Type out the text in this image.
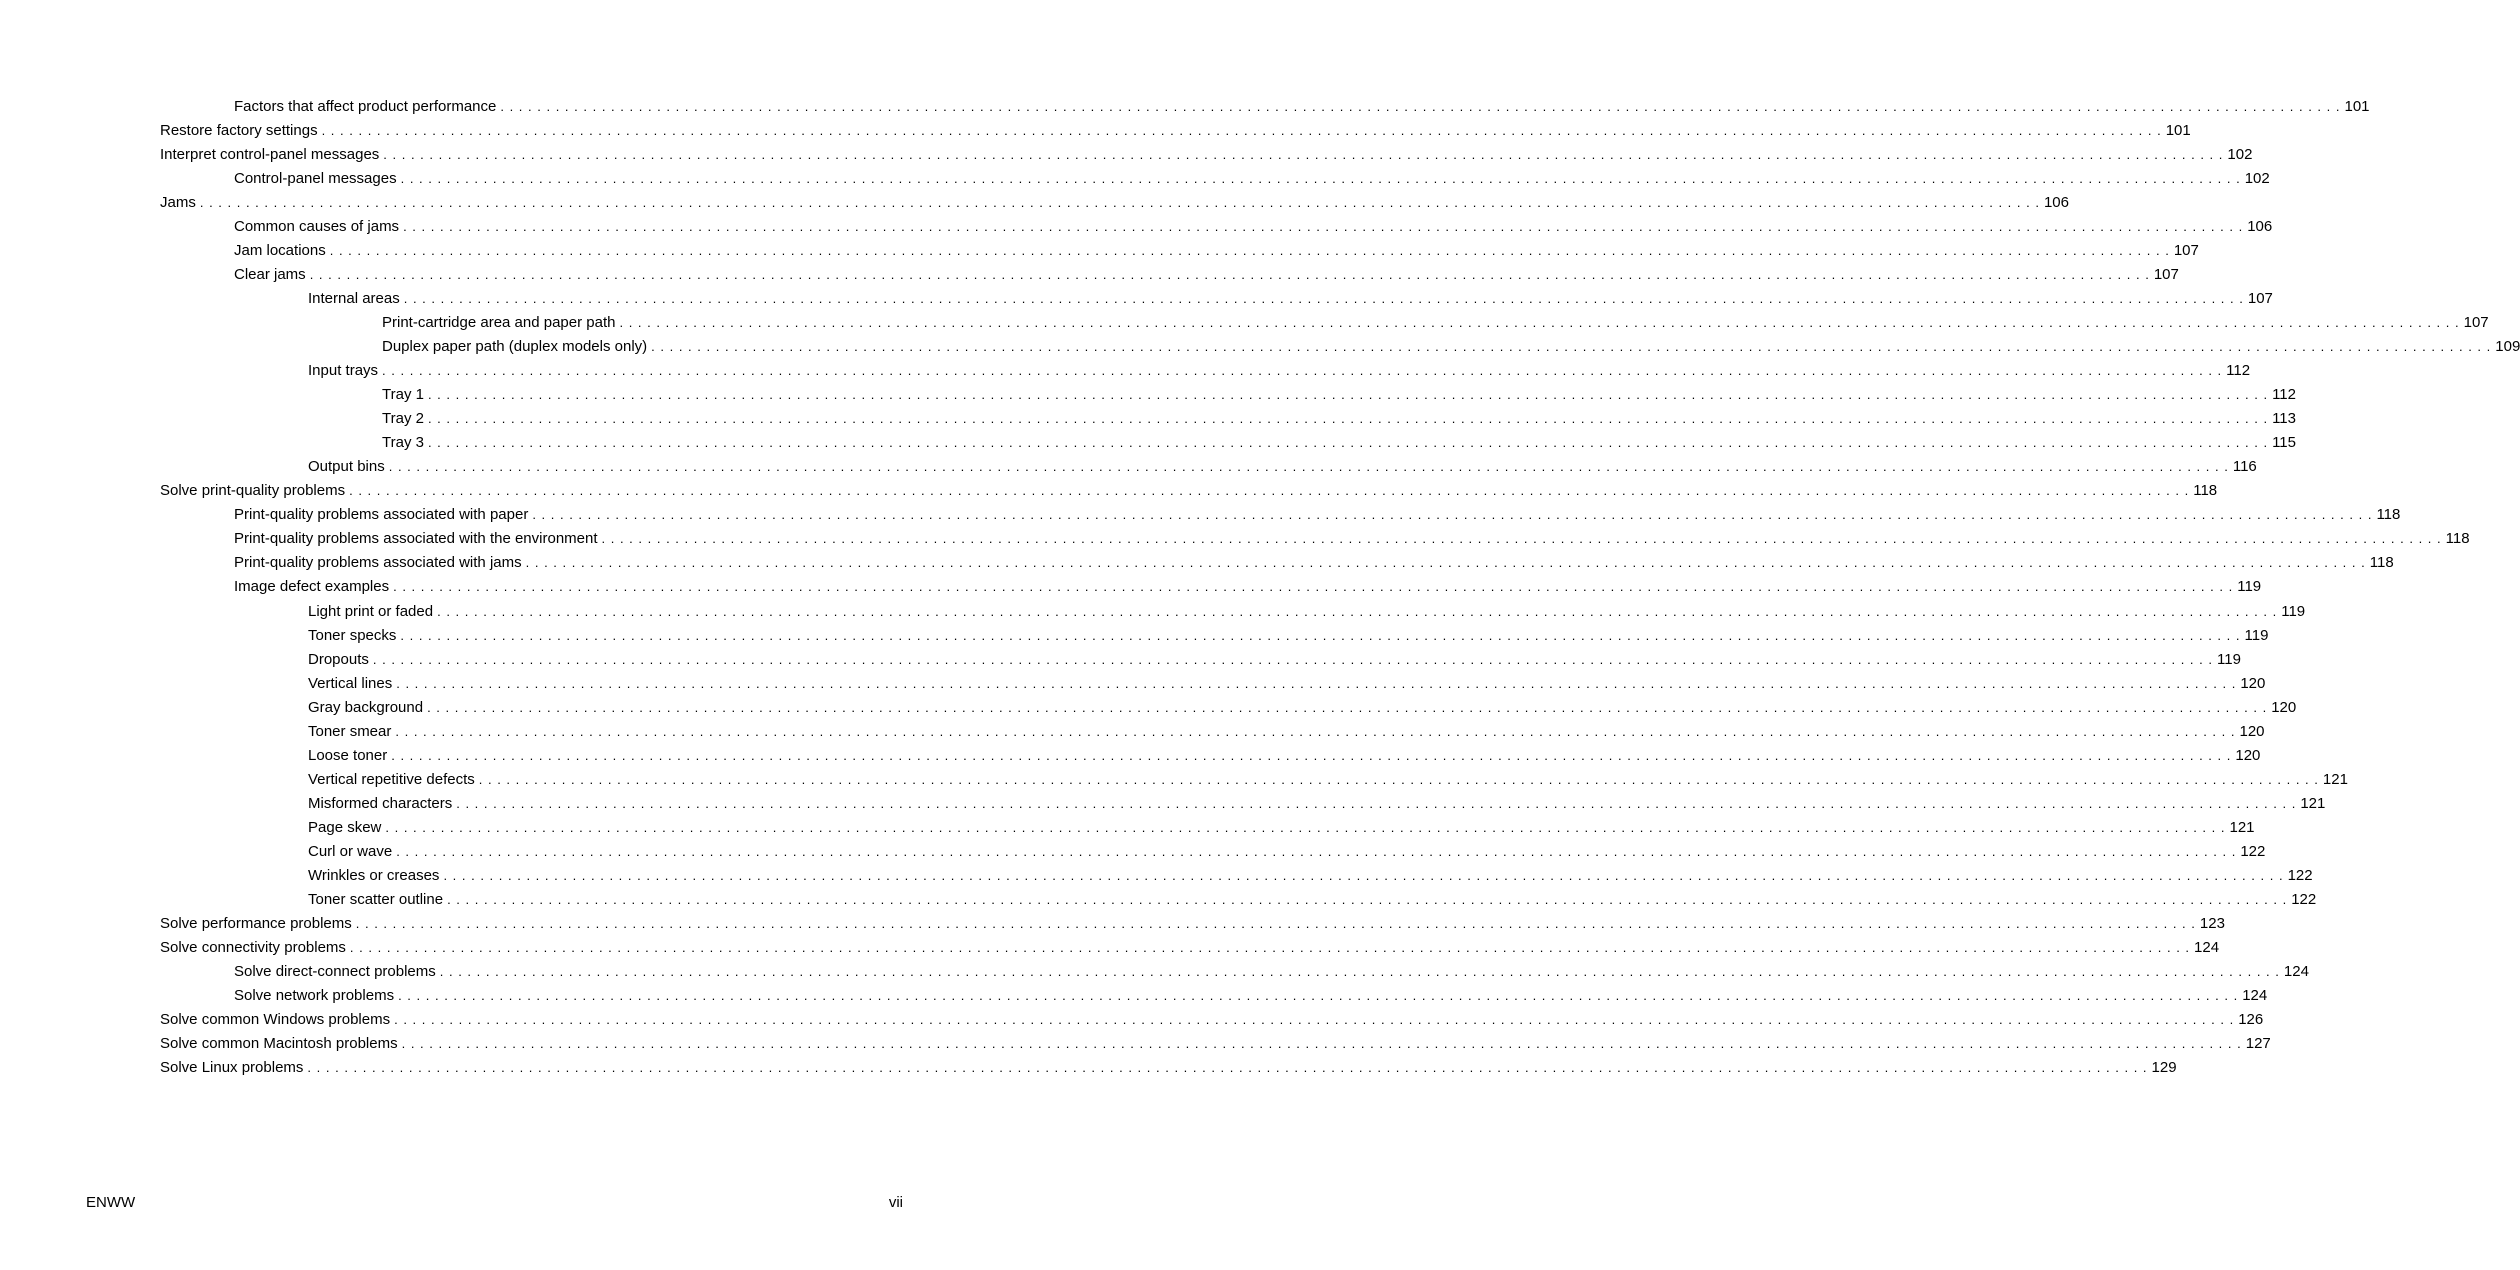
Factors that affect product performance . . . . . . . . . . . . . . . . . . . . . . . . . . . . . . . . . . . . . . . . . . . . . . . . . . . . . . . . . . . . . . . . . . . . . . . . . . . . . . . . . . . . . . . . . . . . . . . . . . . . . . . . . . . . . . . . . . . . . . . . . . . . . . . . . . . . . . . . . . . . . . . . . . . . . . . . . . . . . . . . . . . . . . . . . . . . . . . . . . . . . . . . . . . . . . . . . . . . . . . . 101
Restore factory settings . . . . . . . . . . . . . . . . . . . . . . . . . . . . . . . . . . . . . . . . . . . . . . . . . . . . . . . . . . . . . . . . . . . . . . . . . . . . . . . . . . . . . . . . . . . . . . . . . . . . . . . . . . . . . . . . . . . . . . . . . . . . . . . . . . . . . . . . . . . . . . . . . . . . . . . . . . . . . . . . . . . . . . . . . . . . . . . . . . . . . . . . . . . . . . . . . . . . . . . . 101
Interpret control-panel messages . . . . . . . . . . . . . . . . . . . . . . . . . . . . . . . . . . . . . . . . . . . . . . . . . . . . . . . . . . . . . . . . . . . . . . . . . . . . . . . . . . . . . . . . . . . . . . . . . . . . . . . . . . . . . . . . . . . . . . . . . . . . . . . . . . . . . . . . . . . . . . . . . . . . . . . . . . . . . . . . . . . . . . . . . . . . . . . . . . . . . . . . . . . . . . . . . . . . . . . . 102
Control-panel messages . . . . . . . . . . . . . . . . . . . . . . . . . . . . . . . . . . . . . . . . . . . . . . . . . . . . . . . . . . . . . . . . . . . . . . . . . . . . . . . . . . . . . . . . . . . . . . . . . . . . . . . . . . . . . . . . . . . . . . . . . . . . . . . . . . . . . . . . . . . . . . . . . . . . . . . . . . . . . . . . . . . . . . . . . . . . . . . . . . . . . . . . . . . . . . . . . . . . . . . . 102
Jams . . . . . . . . . . . . . . . . . . . . . . . . . . . . . . . . . . . . . . . . . . . . . . . . . . . . . . . . . . . . . . . . . . . . . . . . . . . . . . . . . . . . . . . . . . . . . . . . . . . . . . . . . . . . . . . . . . . . . . . . . . . . . . . . . . . . . . . . . . . . . . . . . . . . . . . . . . . . . . . . . . . . . . . . . . . . . . . . . . . . . . . . . . . . . . . . . . . . . . . . 106
Common causes of jams . . . . . . . . . . . . . . . . . . . . . . . . . . . . . . . . . . . . . . . . . . . . . . . . . . . . . . . . . . . . . . . . . . . . . . . . . . . . . . . . . . . . . . . . . . . . . . . . . . . . . . . . . . . . . . . . . . . . . . . . . . . . . . . . . . . . . . . . . . . . . . . . . . . . . . . . . . . . . . . . . . . . . . . . . . . . . . . . . . . . . . . . . . . . . . . . . . . . . . . . 106
Jam locations . . . . . . . . . . . . . . . . . . . . . . . . . . . . . . . . . . . . . . . . . . . . . . . . . . . . . . . . . . . . . . . . . . . . . . . . . . . . . . . . . . . . . . . . . . . . . . . . . . . . . . . . . . . . . . . . . . . . . . . . . . . . . . . . . . . . . . . . . . . . . . . . . . . . . . . . . . . . . . . . . . . . . . . . . . . . . . . . . . . . . . . . . . . . . . . . . . . . . . . . 107
Clear jams . . . . . . . . . . . . . . . . . . . . . . . . . . . . . . . . . . . . . . . . . . . . . . . . . . . . . . . . . . . . . . . . . . . . . . . . . . . . . . . . . . . . . . . . . . . . . . . . . . . . . . . . . . . . . . . . . . . . . . . . . . . . . . . . . . . . . . . . . . . . . . . . . . . . . . . . . . . . . . . . . . . . . . . . . . . . . . . . . . . . . . . . . . . . . . . . . . . . . . . . 107
Internal areas . . . . . . . . . . . . . . . . . . . . . . . . . . . . . . . . . . . . . . . . . . . . . . . . . . . . . . . . . . . . . . . . . . . . . . . . . . . . . . . . . . . . . . . . . . . . . . . . . . . . . . . . . . . . . . . . . . . . . . . . . . . . . . . . . . . . . . . . . . . . . . . . . . . . . . . . . . . . . . . . . . . . . . . . . . . . . . . . . . . . . . . . . . . . . . . . . . . . . . . . 107
Print-cartridge area and paper path . . . . . . . . . . . . . . . . . . . . . . . . . . . . . . . . . . . . . . . . . . . . . . . . . . . . . . . . . . . . . . . . . . . . . . . . . . . . . . . . . . . . . . . . . . . . . . . . . . . . . . . . . . . . . . . . . . . . . . . . . . . . . . . . . . . . . . . . . . . . . . . . . . . . . . . . . . . . . . . . . . . . . . . . . . . . . . . . . . . . . . . . . . . . . . . . . . . . . . . . 107
Duplex paper path (duplex models only) . . . . . . . . . . . . . . . . . . . . . . . . . . . . . . . . . . . . . . . . . . . . . . . . . . . . . . . . . . . . . . . . . . . . . . . . . . . . . . . . . . . . . . . . . . . . . . . . . . . . . . . . . . . . . . . . . . . . . . . . . . . . . . . . . . . . . . . . . . . . . . . . . . . . . . . . . . . . . . . . . . . . . . . . . . . . . . . . . . . . . . . . . . . . . . . . . . . . . . . . 109
Input trays . . . . . . . . . . . . . . . . . . . . . . . . . . . . . . . . . . . . . . . . . . . . . . . . . . . . . . . . . . . . . . . . . . . . . . . . . . . . . . . . . . . . . . . . . . . . . . . . . . . . . . . . . . . . . . . . . . . . . . . . . . . . . . . . . . . . . . . . . . . . . . . . . . . . . . . . . . . . . . . . . . . . . . . . . . . . . . . . . . . . . . . . . . . . . . . . . . . . . . . . 112
Tray 1 . . . . . . . . . . . . . . . . . . . . . . . . . . . . . . . . . . . . . . . . . . . . . . . . . . . . . . . . . . . . . . . . . . . . . . . . . . . . . . . . . . . . . . . . . . . . . . . . . . . . . . . . . . . . . . . . . . . . . . . . . . . . . . . . . . . . . . . . . . . . . . . . . . . . . . . . . . . . . . . . . . . . . . . . . . . . . . . . . . . . . . . . . . . . . . . . . . . . . . . . 112
Tray 2 . . . . . . . . . . . . . . . . . . . . . . . . . . . . . . . . . . . . . . . . . . . . . . . . . . . . . . . . . . . . . . . . . . . . . . . . . . . . . . . . . . . . . . . . . . . . . . . . . . . . . . . . . . . . . . . . . . . . . . . . . . . . . . . . . . . . . . . . . . . . . . . . . . . . . . . . . . . . . . . . . . . . . . . . . . . . . . . . . . . . . . . . . . . . . . . . . . . . . . . . 113
Tray 3 . . . . . . . . . . . . . . . . . . . . . . . . . . . . . . . . . . . . . . . . . . . . . . . . . . . . . . . . . . . . . . . . . . . . . . . . . . . . . . . . . . . . . . . . . . . . . . . . . . . . . . . . . . . . . . . . . . . . . . . . . . . . . . . . . . . . . . . . . . . . . . . . . . . . . . . . . . . . . . . . . . . . . . . . . . . . . . . . . . . . . . . . . . . . . . . . . . . . . . . . 115
Output bins . . . . . . . . . . . . . . . . . . . . . . . . . . . . . . . . . . . . . . . . . . . . . . . . . . . . . . . . . . . . . . . . . . . . . . . . . . . . . . . . . . . . . . . . . . . . . . . . . . . . . . . . . . . . . . . . . . . . . . . . . . . . . . . . . . . . . . . . . . . . . . . . . . . . . . . . . . . . . . . . . . . . . . . . . . . . . . . . . . . . . . . . . . . . . . . . . . . . . . . . 116
Solve print-quality problems . . . . . . . . . . . . . . . . . . . . . . . . . . . . . . . . . . . . . . . . . . . . . . . . . . . . . . . . . . . . . . . . . . . . . . . . . . . . . . . . . . . . . . . . . . . . . . . . . . . . . . . . . . . . . . . . . . . . . . . . . . . . . . . . . . . . . . . . . . . . . . . . . . . . . . . . . . . . . . . . . . . . . . . . . . . . . . . . . . . . . . . . . . . . . . . . . . . . . . . . 118
Print-quality problems associated with paper . . . . . . . . . . . . . . . . . . . . . . . . . . . . . . . . . . . . . . . . . . . . . . . . . . . . . . . . . . . . . . . . . . . . . . . . . . . . . . . . . . . . . . . . . . . . . . . . . . . . . . . . . . . . . . . . . . . . . . . . . . . . . . . . . . . . . . . . . . . . . . . . . . . . . . . . . . . . . . . . . . . . . . . . . . . . . . . . . . . . . . . . . . . . . . . . . . . . . . . . 118
Print-quality problems associated with the environment . . . . . . . . . . . . . . . . . . . . . . . . . . . . . . . . . . . . . . . . . . . . . . . . . . . . . . . . . . . . . . . . . . . . . . . . . . . . . . . . . . . . . . . . . . . . . . . . . . . . . . . . . . . . . . . . . . . . . . . . . . . . . . . . . . . . . . . . . . . . . . . . . . . . . . . . . . . . . . . . . . . . . . . . . . . . . . . . . . . . . . . . . . . . . . . . . . . . . . . . 118
Print-quality problems associated with jams . . . . . . . . . . . . . . . . . . . . . . . . . . . . . . . . . . . . . . . . . . . . . . . . . . . . . . . . . . . . . . . . . . . . . . . . . . . . . . . . . . . . . . . . . . . . . . . . . . . . . . . . . . . . . . . . . . . . . . . . . . . . . . . . . . . . . . . . . . . . . . . . . . . . . . . . . . . . . . . . . . . . . . . . . . . . . . . . . . . . . . . . . . . . . . . . . . . . . . . . 118
Image defect examples . . . . . . . . . . . . . . . . . . . . . . . . . . . . . . . . . . . . . . . . . . . . . . . . . . . . . . . . . . . . . . . . . . . . . . . . . . . . . . . . . . . . . . . . . . . . . . . . . . . . . . . . . . . . . . . . . . . . . . . . . . . . . . . . . . . . . . . . . . . . . . . . . . . . . . . . . . . . . . . . . . . . . . . . . . . . . . . . . . . . . . . . . . . . . . . . . . . . . . . . 119
Light print or faded . . . . . . . . . . . . . . . . . . . . . . . . . . . . . . . . . . . . . . . . . . . . . . . . . . . . . . . . . . . . . . . . . . . . . . . . . . . . . . . . . . . . . . . . . . . . . . . . . . . . . . . . . . . . . . . . . . . . . . . . . . . . . . . . . . . . . . . . . . . . . . . . . . . . . . . . . . . . . . . . . . . . . . . . . . . . . . . . . . . . . . . . . . . . . . . . . . . . . . . . 119
Toner specks . . . . . . . . . . . . . . . . . . . . . . . . . . . . . . . . . . . . . . . . . . . . . . . . . . . . . . . . . . . . . . . . . . . . . . . . . . . . . . . . . . . . . . . . . . . . . . . . . . . . . . . . . . . . . . . . . . . . . . . . . . . . . . . . . . . . . . . . . . . . . . . . . . . . . . . . . . . . . . . . . . . . . . . . . . . . . . . . . . . . . . . . . . . . . . . . . . . . . . . . 119
Dropouts . . . . . . . . . . . . . . . . . . . . . . . . . . . . . . . . . . . . . . . . . . . . . . . . . . . . . . . . . . . . . . . . . . . . . . . . . . . . . . . . . . . . . . . . . . . . . . . . . . . . . . . . . . . . . . . . . . . . . . . . . . . . . . . . . . . . . . . . . . . . . . . . . . . . . . . . . . . . . . . . . . . . . . . . . . . . . . . . . . . . . . . . . . . . . . . . . . . . . . . . 119
Vertical lines . . . . . . . . . . . . . . . . . . . . . . . . . . . . . . . . . . . . . . . . . . . . . . . . . . . . . . . . . . . . . . . . . . . . . . . . . . . . . . . . . . . . . . . . . . . . . . . . . . . . . . . . . . . . . . . . . . . . . . . . . . . . . . . . . . . . . . . . . . . . . . . . . . . . . . . . . . . . . . . . . . . . . . . . . . . . . . . . . . . . . . . . . . . . . . . . . . . . . . . . 120
Gray background . . . . . . . . . . . . . . . . . . . . . . . . . . . . . . . . . . . . . . . . . . . . . . . . . . . . . . . . . . . . . . . . . . . . . . . . . . . . . . . . . . . . . . . . . . . . . . . . . . . . . . . . . . . . . . . . . . . . . . . . . . . . . . . . . . . . . . . . . . . . . . . . . . . . . . . . . . . . . . . . . . . . . . . . . . . . . . . . . . . . . . . . . . . . . . . . . . . . . . . . 120
Toner smear . . . . . . . . . . . . . . . . . . . . . . . . . . . . . . . . . . . . . . . . . . . . . . . . . . . . . . . . . . . . . . . . . . . . . . . . . . . . . . . . . . . . . . . . . . . . . . . . . . . . . . . . . . . . . . . . . . . . . . . . . . . . . . . . . . . . . . . . . . . . . . . . . . . . . . . . . . . . . . . . . . . . . . . . . . . . . . . . . . . . . . . . . . . . . . . . . . . . . . . . 120
Loose toner . . . . . . . . . . . . . . . . . . . . . . . . . . . . . . . . . . . . . . . . . . . . . . . . . . . . . . . . . . . . . . . . . . . . . . . . . . . . . . . . . . . . . . . . . . . . . . . . . . . . . . . . . . . . . . . . . . . . . . . . . . . . . . . . . . . . . . . . . . . . . . . . . . . . . . . . . . . . . . . . . . . . . . . . . . . . . . . . . . . . . . . . . . . . . . . . . . . . . . . . 120
Vertical repetitive defects . . . . . . . . . . . . . . . . . . . . . . . . . . . . . . . . . . . . . . . . . . . . . . . . . . . . . . . . . . . . . . . . . . . . . . . . . . . . . . . . . . . . . . . . . . . . . . . . . . . . . . . . . . . . . . . . . . . . . . . . . . . . . . . . . . . . . . . . . . . . . . . . . . . . . . . . . . . . . . . . . . . . . . . . . . . . . . . . . . . . . . . . . . . . . . . . . . . . . . . . 121
Misformed characters . . . . . . . . . . . . . . . . . . . . . . . . . . . . . . . . . . . . . . . . . . . . . . . . . . . . . . . . . . . . . . . . . . . . . . . . . . . . . . . . . . . . . . . . . . . . . . . . . . . . . . . . . . . . . . . . . . . . . . . . . . . . . . . . . . . . . . . . . . . . . . . . . . . . . . . . . . . . . . . . . . . . . . . . . . . . . . . . . . . . . . . . . . . . . . . . . . . . . . . . 121
Page skew . . . . . . . . . . . . . . . . . . . . . . . . . . . . . . . . . . . . . . . . . . . . . . . . . . . . . . . . . . . . . . . . . . . . . . . . . . . . . . . . . . . . . . . . . . . . . . . . . . . . . . . . . . . . . . . . . . . . . . . . . . . . . . . . . . . . . . . . . . . . . . . . . . . . . . . . . . . . . . . . . . . . . . . . . . . . . . . . . . . . . . . . . . . . . . . . . . . . . . . . 121
Curl or wave . . . . . . . . . . . . . . . . . . . . . . . . . . . . . . . . . . . . . . . . . . . . . . . . . . . . . . . . . . . . . . . . . . . . . . . . . . . . . . . . . . . . . . . . . . . . . . . . . . . . . . . . . . . . . . . . . . . . . . . . . . . . . . . . . . . . . . . . . . . . . . . . . . . . . . . . . . . . . . . . . . . . . . . . . . . . . . . . . . . . . . . . . . . . . . . . . . . . . . . . 122
Wrinkles or creases . . . . . . . . . . . . . . . . . . . . . . . . . . . . . . . . . . . . . . . . . . . . . . . . . . . . . . . . . . . . . . . . . . . . . . . . . . . . . . . . . . . . . . . . . . . . . . . . . . . . . . . . . . . . . . . . . . . . . . . . . . . . . . . . . . . . . . . . . . . . . . . . . . . . . . . . . . . . . . . . . . . . . . . . . . . . . . . . . . . . . . . . . . . . . . . . . . . . . . . . 122
Toner scatter outline . . . . . . . . . . . . . . . . . . . . . . . . . . . . . . . . . . . . . . . . . . . . . . . . . . . . . . . . . . . . . . . . . . . . . . . . . . . . . . . . . . . . . . . . . . . . . . . . . . . . . . . . . . . . . . . . . . . . . . . . . . . . . . . . . . . . . . . . . . . . . . . . . . . . . . . . . . . . . . . . . . . . . . . . . . . . . . . . . . . . . . . . . . . . . . . . . . . . . . . . 122
Solve performance problems . . . . . . . . . . . . . . . . . . . . . . . . . . . . . . . . . . . . . . . . . . . . . . . . . . . . . . . . . . . . . . . . . . . . . . . . . . . . . . . . . . . . . . . . . . . . . . . . . . . . . . . . . . . . . . . . . . . . . . . . . . . . . . . . . . . . . . . . . . . . . . . . . . . . . . . . . . . . . . . . . . . . . . . . . . . . . . . . . . . . . . . . . . . . . . . . . . . . . . . . 123
Solve connectivity problems . . . . . . . . . . . . . . . . . . . . . . . . . . . . . . . . . . . . . . . . . . . . . . . . . . . . . . . . . . . . . . . . . . . . . . . . . . . . . . . . . . . . . . . . . . . . . . . . . . . . . . . . . . . . . . . . . . . . . . . . . . . . . . . . . . . . . . . . . . . . . . . . . . . . . . . . . . . . . . . . . . . . . . . . . . . . . . . . . . . . . . . . . . . . . . . . . . . . . . . . 124
Solve direct-connect problems . . . . . . . . . . . . . . . . . . . . . . . . . . . . . . . . . . . . . . . . . . . . . . . . . . . . . . . . . . . . . . . . . . . . . . . . . . . . . . . . . . . . . . . . . . . . . . . . . . . . . . . . . . . . . . . . . . . . . . . . . . . . . . . . . . . . . . . . . . . . . . . . . . . . . . . . . . . . . . . . . . . . . . . . . . . . . . . . . . . . . . . . . . . . . . . . . . . . . . . . 124
Solve network problems . . . . . . . . . . . . . . . . . . . . . . . . . . . . . . . . . . . . . . . . . . . . . . . . . . . . . . . . . . . . . . . . . . . . . . . . . . . . . . . . . . . . . . . . . . . . . . . . . . . . . . . . . . . . . . . . . . . . . . . . . . . . . . . . . . . . . . . . . . . . . . . . . . . . . . . . . . . . . . . . . . . . . . . . . . . . . . . . . . . . . . . . . . . . . . . . . . . . . . . . 124
Solve common Windows problems . . . . . . . . . . . . . . . . . . . . . . . . . . . . . . . . . . . . . . . . . . . . . . . . . . . . . . . . . . . . . . . . . . . . . . . . . . . . . . . . . . . . . . . . . . . . . . . . . . . . . . . . . . . . . . . . . . . . . . . . . . . . . . . . . . . . . . . . . . . . . . . . . . . . . . . . . . . . . . . . . . . . . . . . . . . . . . . . . . . . . . . . . . . . . . . . . . . . . . . . 126
Solve common Macintosh problems . . . . . . . . . . . . . . . . . . . . . . . . . . . . . . . . . . . . . . . . . . . . . . . . . . . . . . . . . . . . . . . . . . . . . . . . . . . . . . . . . . . . . . . . . . . . . . . . . . . . . . . . . . . . . . . . . . . . . . . . . . . . . . . . . . . . . . . . . . . . . . . . . . . . . . . . . . . . . . . . . . . . . . . . . . . . . . . . . . . . . . . . . . . . . . . . . . . . . . . . 127
Solve Linux problems . . . . . . . . . . . . . . . . . . . . . . . . . . . . . . . . . . . . . . . . . . . . . . . . . . . . . . . . . . . . . . . . . . . . . . . . . . . . . . . . . . . . . . . . . . . . . . . . . . . . . . . . . . . . . . . . . . . . . . . . . . . . . . . . . . . . . . . . . . . . . . . . . . . . . . . . . . . . . . . . . . . . . . . . . . . . . . . . . . . . . . . . . . . . . . . . . . . . . . . . 129
ENWW	vii
